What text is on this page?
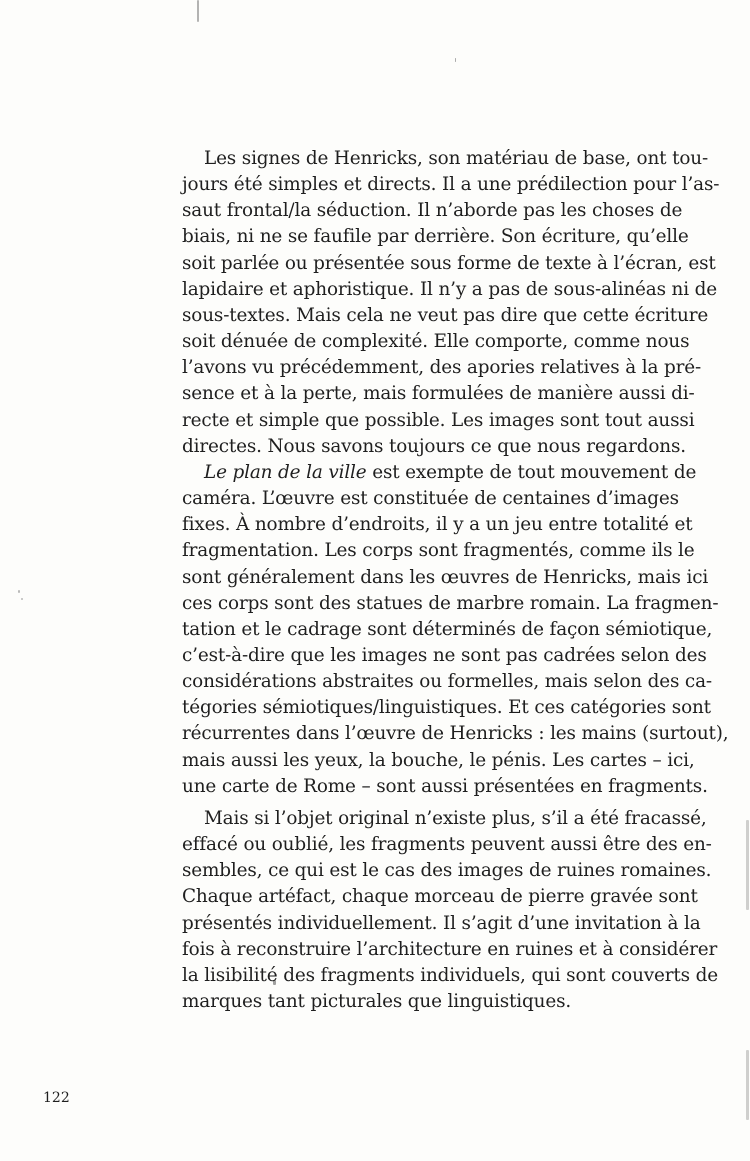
Les signes de Henricks, son matériau de base, ont tou-
jours été simples et directs. Il a une prédilection pour l’as-
saut frontal/la séduction. Il n’aborde pas les choses de
biais, ni ne se faufile par derrière. Son écriture, qu’elle
soit parlée ou présentée sous forme de texte à l’écran, est
lapidaire et aphoristique. Il n’y a pas de sous-alinéas ni de
sous-textes. Mais cela ne veut pas dire que cette écriture
soit dénuée de complexité. Elle comporte, comme nous
l’avons vu précédemment, des apories relatives à la pré-
sence et à la perte, mais formulées de manière aussi di-
recte et simple que possible. Les images sont tout aussi
directes. Nous savons toujours ce que nous regardons.
Le plan de la ville est exempte de tout mouvement de
caméra. L’œuvre est constituée de centaines d’images
fixes. À nombre d’endroits, il y a un jeu entre totalité et
fragmentation. Les corps sont fragmentés, comme ils le
sont généralement dans les œuvres de Henricks, mais ici
ces corps sont des statues de marbre romain. La fragmen-
tation et le cadrage sont déterminés de façon sémiotique,
c’est-à-dire que les images ne sont pas cadrées selon des
considérations abstraites ou formelles, mais selon des ca-
tégories sémiotiques/linguistiques. Et ces catégories sont
récurrentes dans l’œuvre de Henricks : les mains (surtout),
mais aussi les yeux, la bouche, le pénis. Les cartes – ici,
une carte de Rome – sont aussi présentées en fragments.
Mais si l’objet original n’existe plus, s’il a été fracassé,
effacé ou oublié, les fragments peuvent aussi être des en-
sembles, ce qui est le cas des images de ruines romaines.
Chaque artéfact, chaque morceau de pierre gravée sont
présentés individuellement. Il s’agit d’une invitation à la
fois à reconstruire l’architecture en ruines et à considérer
la lisibilité des fragments individuels, qui sont couverts de
marques tant picturales que linguistiques.
122
